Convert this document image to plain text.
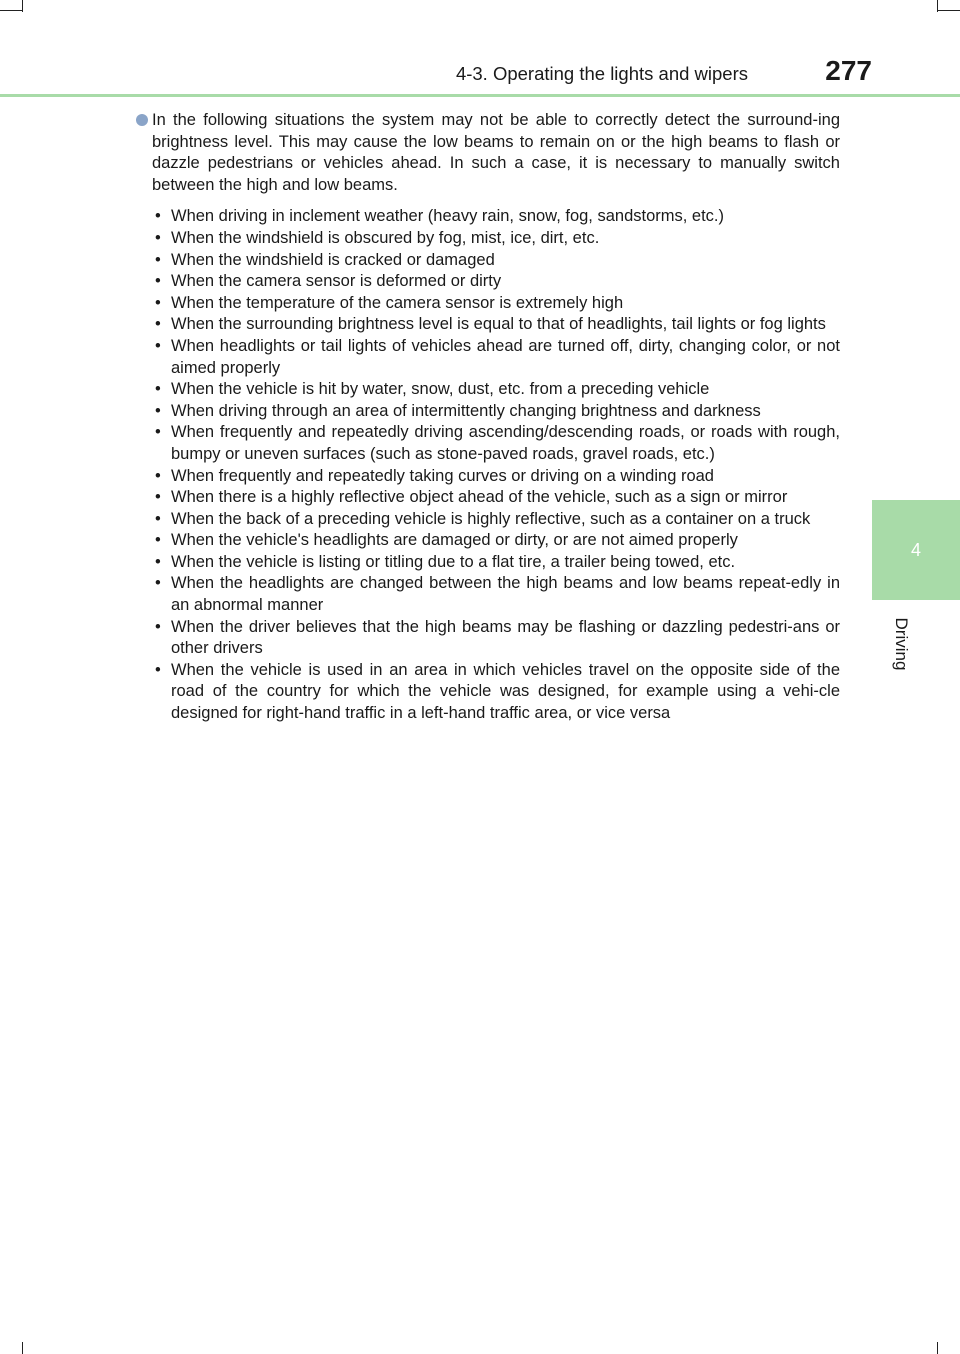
4-3. Operating the lights and wipers	277
4
Driving
In the following situations the system may not be able to correctly detect the surround-ing brightness level. This may cause the low beams to remain on or the high beams to flash or dazzle pedestrians or vehicles ahead. In such a case, it is necessary to manually switch between the high and low beams.
• When driving in inclement weather (heavy rain, snow, fog, sandstorms, etc.)
• When the windshield is obscured by fog, mist, ice, dirt, etc.
• When the windshield is cracked or damaged
• When the camera sensor is deformed or dirty
• When the temperature of the camera sensor is extremely high
• When the surrounding brightness level is equal to that of headlights, tail lights or fog lights
• When headlights or tail lights of vehicles ahead are turned off, dirty, changing color, or not aimed properly
• When the vehicle is hit by water, snow, dust, etc. from a preceding vehicle
• When driving through an area of intermittently changing brightness and darkness
• When frequently and repeatedly driving ascending/descending roads, or roads with rough, bumpy or uneven surfaces (such as stone-paved roads, gravel roads, etc.)
• When frequently and repeatedly taking curves or driving on a winding road
• When there is a highly reflective object ahead of the vehicle, such as a sign or mirror
• When the back of a preceding vehicle is highly reflective, such as a container on a truck
• When the vehicle's headlights are damaged or dirty, or are not aimed properly
• When the vehicle is listing or titling due to a flat tire, a trailer being towed, etc.
• When the headlights are changed between the high beams and low beams repeat-edly in an abnormal manner
• When the driver believes that the high beams may be flashing or dazzling pedestri-ans or other drivers
• When the vehicle is used in an area in which vehicles travel on the opposite side of the road of the country for which the vehicle was designed, for example using a vehi-cle designed for right-hand traffic in a left-hand traffic area, or vice versa
